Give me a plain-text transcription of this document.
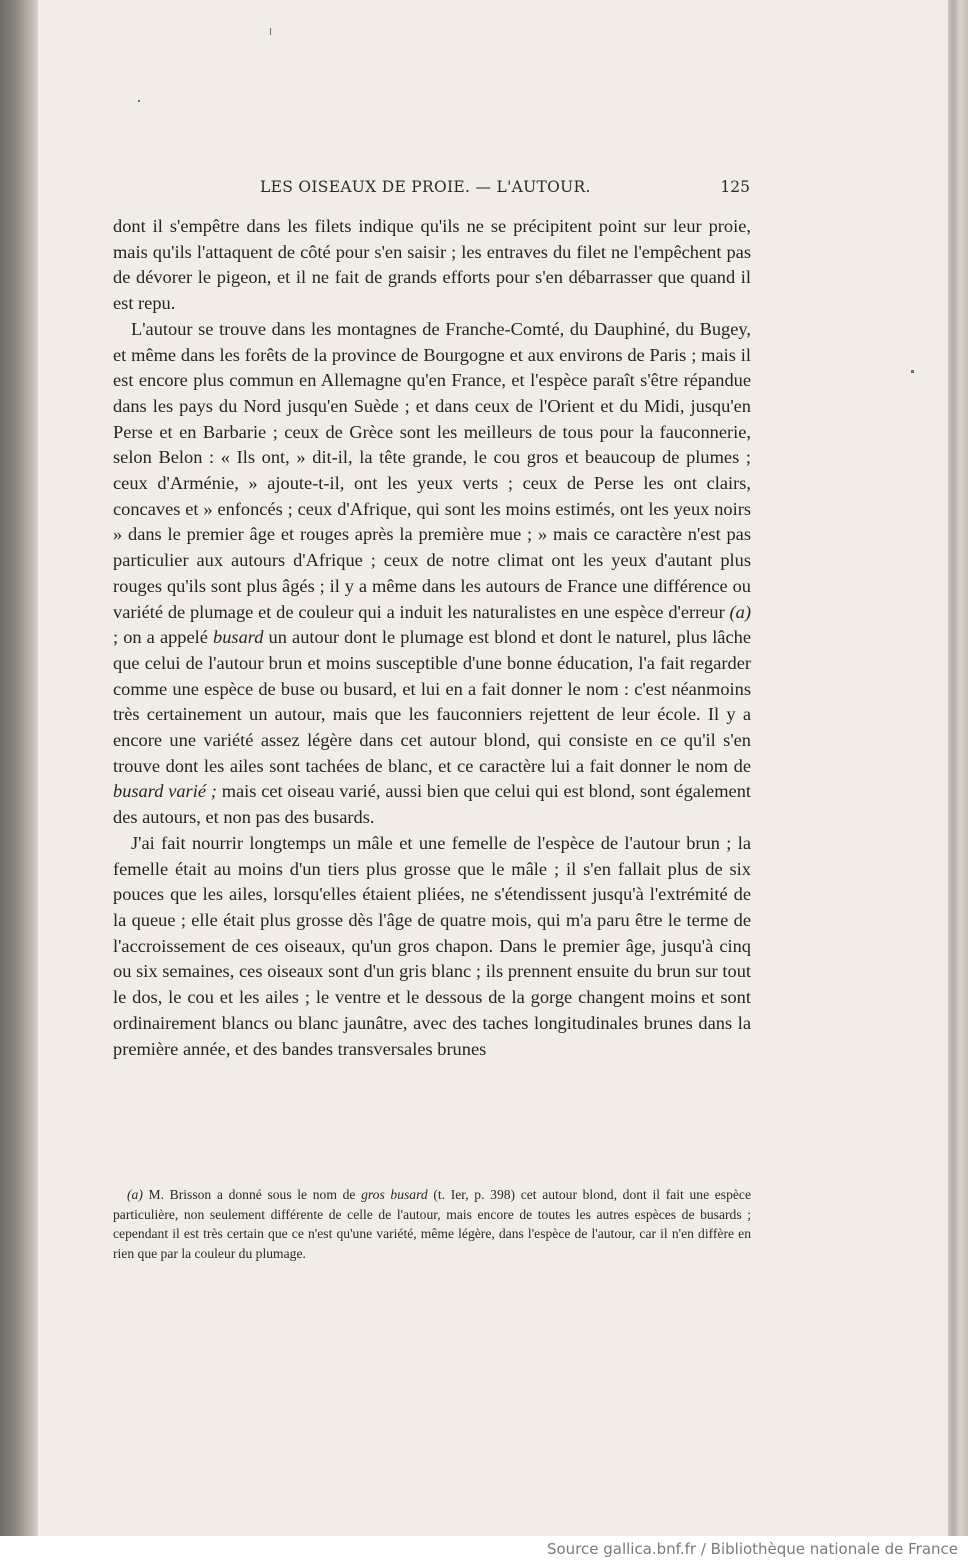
LES OISEAUX DE PROIE. — L'AUTOUR.	125

dont il s'empêtre dans les filets indique qu'ils ne se précipitent point sur leur proie, mais qu'ils l'attaquent de côté pour s'en saisir ; les entraves du filet ne l'empêchent pas de dévorer le pigeon, et il ne fait de grands efforts pour s'en débarrasser que quand il est repu.

L'autour se trouve dans les montagnes de Franche-Comté, du Dauphiné, du Bugey, et même dans les forêts de la province de Bourgogne et aux environs de Paris ; mais il est encore plus commun en Allemagne qu'en France, et l'espèce paraît s'être répandue dans les pays du Nord jusqu'en Suède ; et dans ceux de l'Orient et du Midi, jusqu'en Perse et en Barbarie ; ceux de Grèce sont les meilleurs de tous pour la fauconnerie, selon Belon : « Ils ont, » dit-il, la tête grande, le cou gros et beaucoup de plumes ; ceux d'Arménie, » ajoute-t-il, ont les yeux verts ; ceux de Perse les ont clairs, concaves et » enfoncés ; ceux d'Afrique, qui sont les moins estimés, ont les yeux noirs » dans le premier âge et rouges après la première mue ; » mais ce caractère n'est pas particulier aux autours d'Afrique ; ceux de notre climat ont les yeux d'autant plus rouges qu'ils sont plus âgés ; il y a même dans les autours de France une différence ou variété de plumage et de couleur qui a induit les naturalistes en une espèce d'erreur (a) ; on a appelé busard un autour dont le plumage est blond et dont le naturel, plus lâche que celui de l'autour brun et moins susceptible d'une bonne éducation, l'a fait regarder comme une espèce de buse ou busard, et lui en a fait donner le nom : c'est néanmoins très certainement un autour, mais que les fauconniers rejettent de leur école. Il y a encore une variété assez légère dans cet autour blond, qui consiste en ce qu'il s'en trouve dont les ailes sont tachées de blanc, et ce caractère lui a fait donner le nom de busard varié ; mais cet oiseau varié, aussi bien que celui qui est blond, sont également des autours, et non pas des busards.

J'ai fait nourrir longtemps un mâle et une femelle de l'espèce de l'autour brun ; la femelle était au moins d'un tiers plus grosse que le mâle ; il s'en fallait plus de six pouces que les ailes, lorsqu'elles étaient pliées, ne s'étendissent jusqu'à l'extrémité de la queue ; elle était plus grosse dès l'âge de quatre mois, qui m'a paru être le terme de l'accroissement de ces oiseaux, qu'un gros chapon. Dans le premier âge, jusqu'à cinq ou six semaines, ces oiseaux sont d'un gris blanc ; ils prennent ensuite du brun sur tout le dos, le cou et les ailes ; le ventre et le dessous de la gorge changent moins et sont ordinairement blancs ou blanc jaunâtre, avec des taches longitudinales brunes dans la première année, et des bandes transversales brunes

(a) M. Brisson a donné sous le nom de gros busard (t. Ier, p. 398) cet autour blond, dont il fait une espèce particulière, non seulement différente de celle de l'autour, mais encore de toutes les autres espèces de busards ; cependant il est très certain que ce n'est qu'une variété, même légère, dans l'espèce de l'autour, car il n'en diffère en rien que par la couleur du plumage.

Source gallica.bnf.fr / Bibliothèque nationale de France
